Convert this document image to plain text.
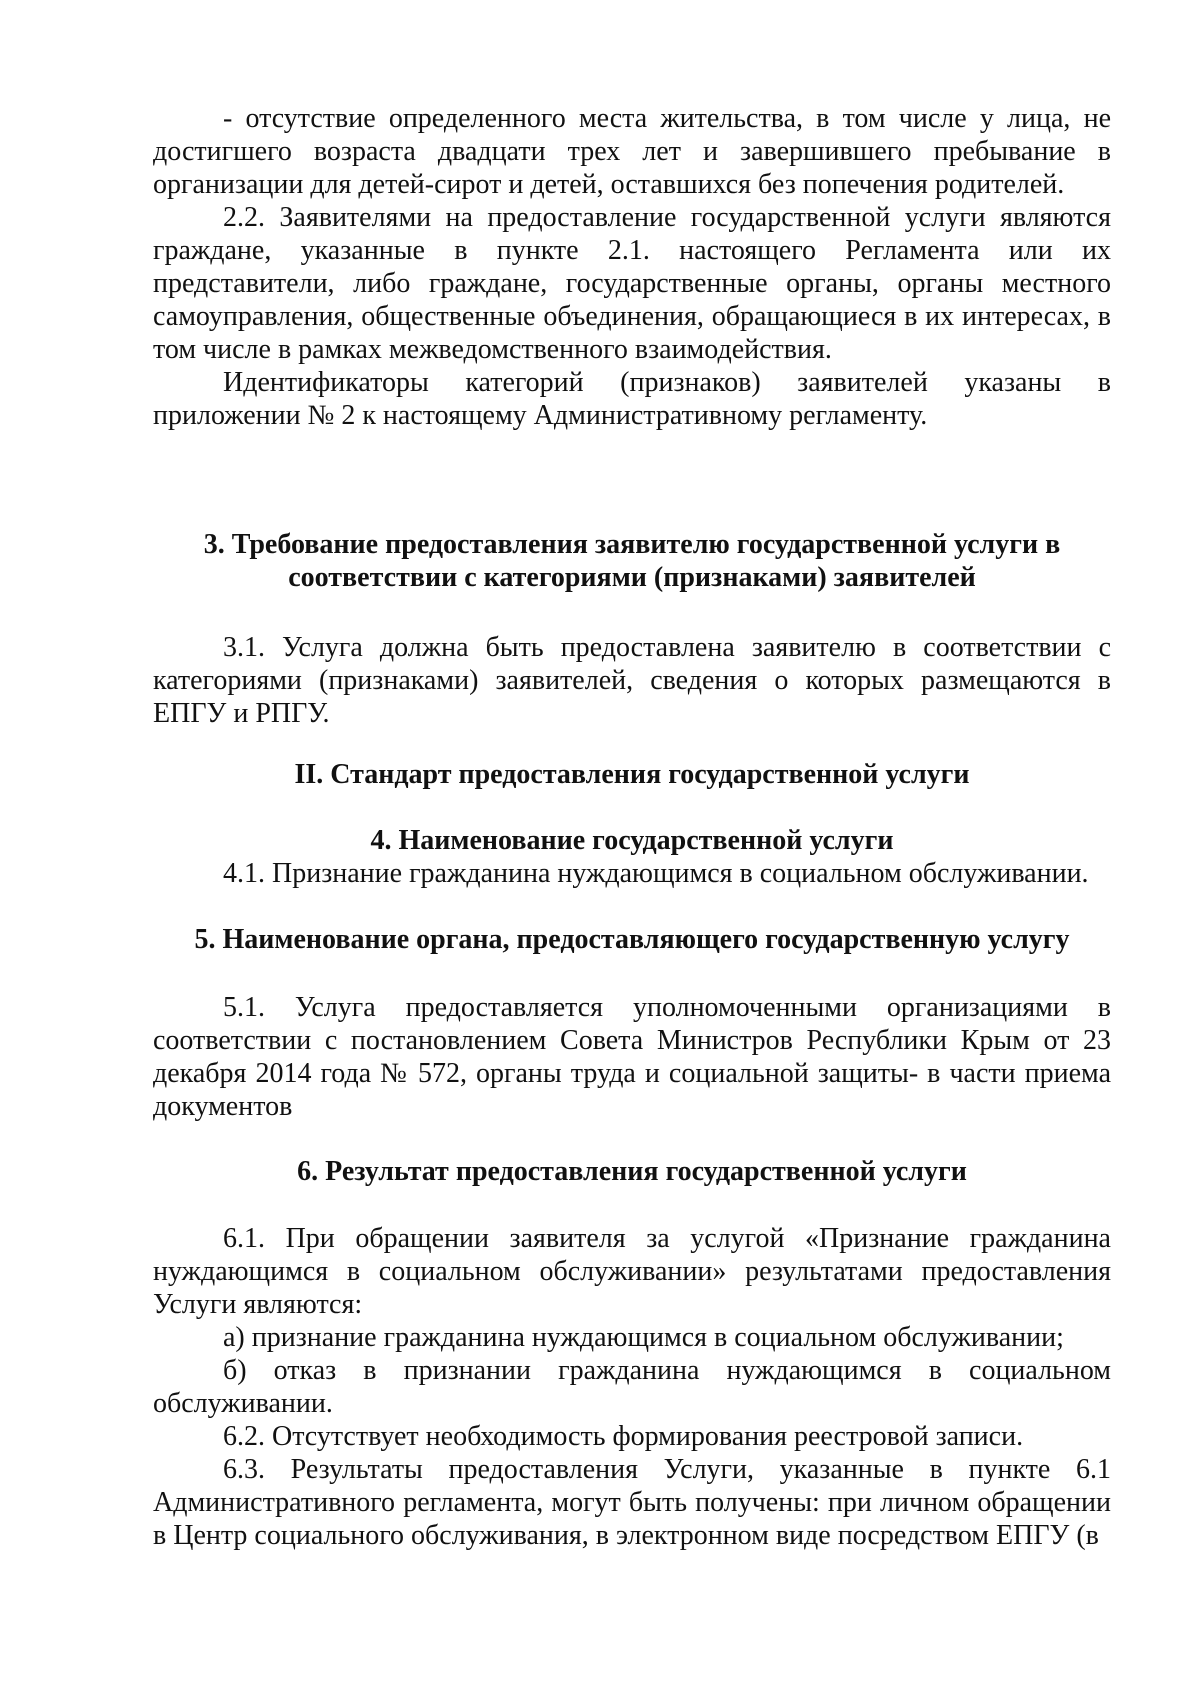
- отсутствие определенного места жительства, в том числе у лица, не достигшего возраста двадцати трех лет и завершившего пребывание в организации для детей-сирот и детей, оставшихся без попечения родителей.

2.2. Заявителями на предоставление государственной услуги являются граждане, указанные в пункте 2.1. настоящего Регламента или их представители, либо граждане, государственные органы, органы местного самоуправления, общественные объединения, обращающиеся в их интересах, в том числе в рамках межведомственного взаимодействия.

Идентификаторы категорий (признаков) заявителей указаны в приложении № 2 к настоящему Административному регламенту.

3. Требование предоставления заявителю государственной услуги в
соответствии с категориями (признаками) заявителей

3.1. Услуга должна быть предоставлена заявителю в соответствии с категориями (признаками) заявителей, сведения о которых размещаются в ЕПГУ и РПГУ.

II. Стандарт предоставления государственной услуги
4. Наименование государственной услуги

4.1. Признание гражданина нуждающимся в социальном обслуживании.

5. Наименование органа, предоставляющего государственную услугу

5.1. Услуга предоставляется уполномоченными организациями в соответствии с постановлением Совета Министров Республики Крым от 23 декабря 2014 года № 572, органы труда и социальной защиты- в части приема документов

6. Результат предоставления государственной услуги

6.1. При обращении заявителя за услугой «Признание гражданина нуждающимся в социальном обслуживании» результатами предоставления Услуги являются:

а) признание гражданина нуждающимся в социальном обслуживании;

б) отказ в признании гражданина нуждающимся в социальном обслуживании.

6.2. Отсутствует необходимость формирования реестровой записи.

6.3. Результаты предоставления Услуги, указанные в пункте 6.1 Административного регламента, могут быть получены: при личном обращении в Центр социального обслуживания, в электронном виде посредством ЕПГУ (в
